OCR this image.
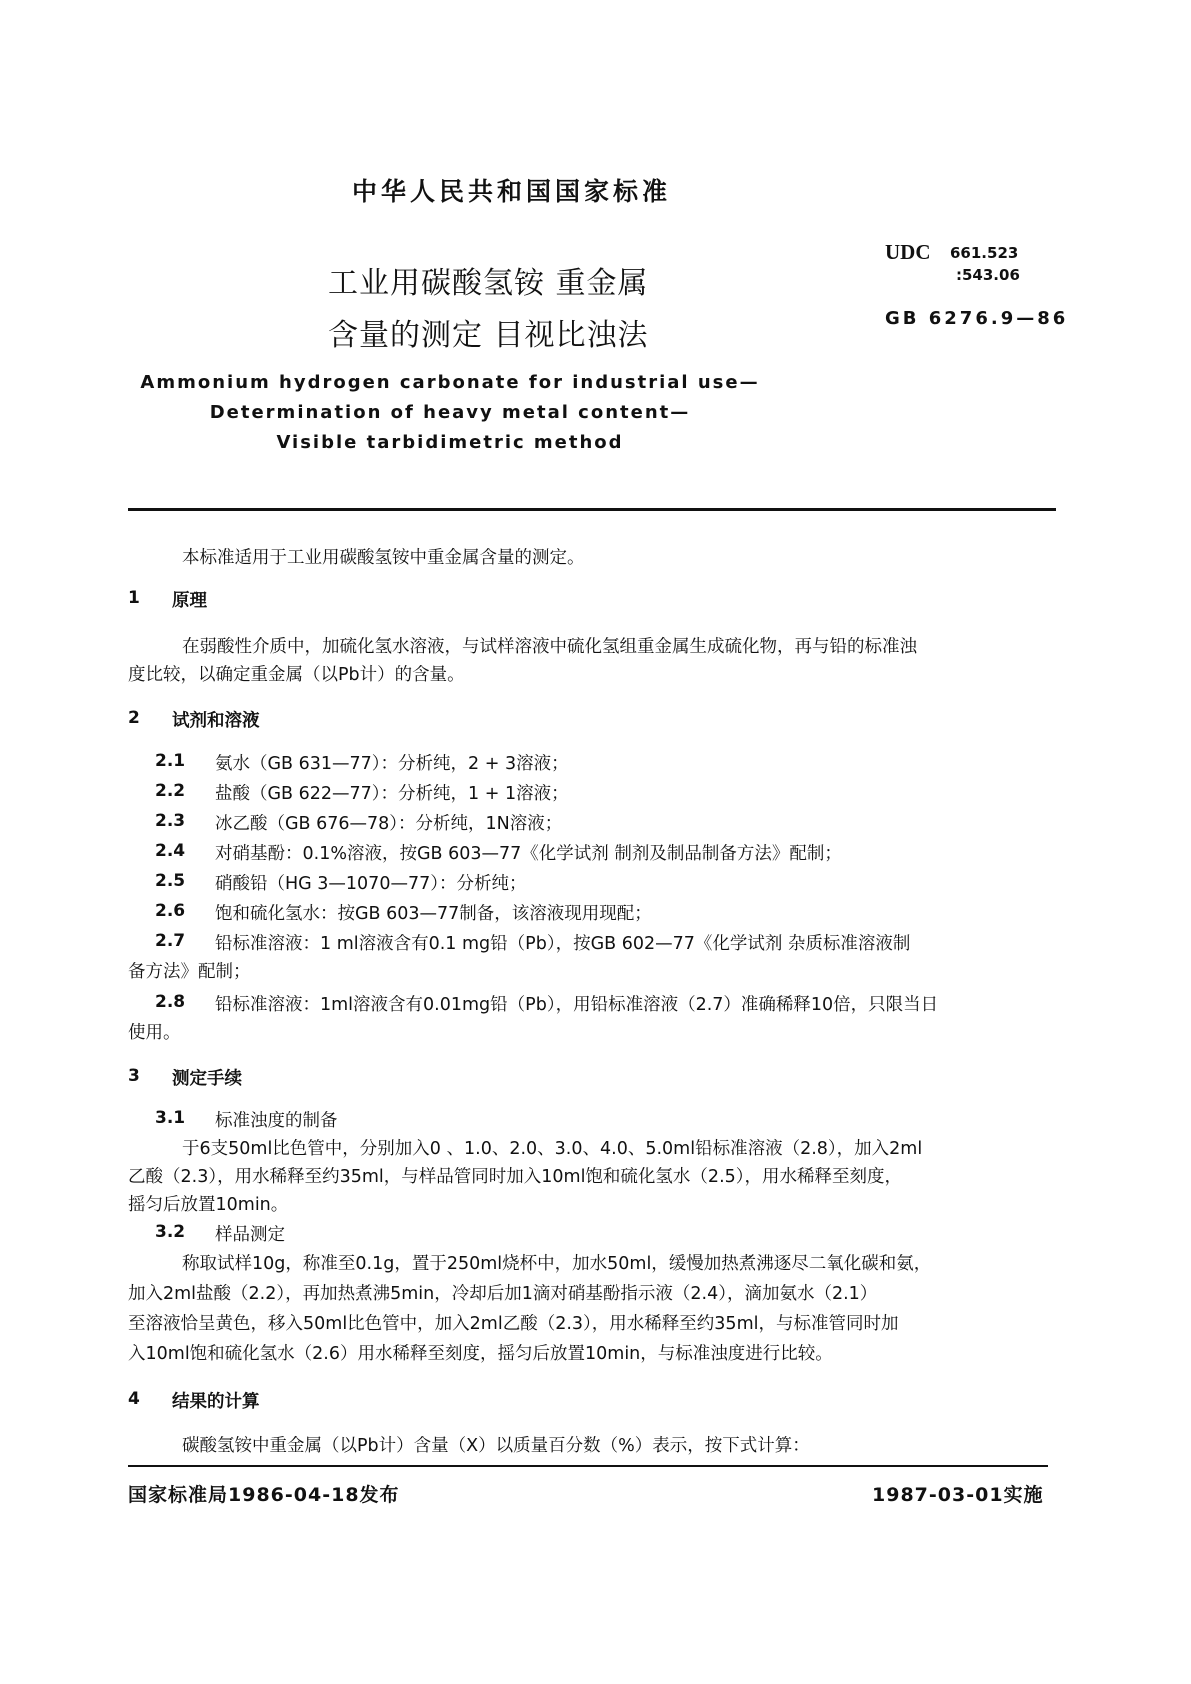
中华人民共和国国家标准
工业用碳酸氢铵 重金属
含量的测定 目视比浊法
UDC 661.523
:543.06
GB 6276.9—86
Ammonium hydrogen carbonate for industrial use—
Determination of heavy metal content—
Visible tarbidimetric method
本标准适用于工业用碳酸氢铵中重金属含量的测定。
1 原理
在弱酸性介质中，加硫化氢水溶液，与试样溶液中硫化氢组重金属生成硫化物，再与铅的标准浊
度比较，以确定重金属（以Pb计）的含量。
2 试剂和溶液
2.1 氨水（GB 631—77）：分析纯，2 + 3溶液；
2.2 盐酸（GB 622—77）：分析纯，1 + 1溶液；
2.3 冰乙酸（GB 676—78）：分析纯，1N溶液；
2.4 对硝基酚：0.1%溶液，按GB 603—77《化学试剂 制剂及制品制备方法》配制；
2.5 硝酸铅（HG 3—1070—77）：分析纯；
2.6 饱和硫化氢水：按GB 603—77制备，该溶液现用现配；
2.7 铅标准溶液：1 ml溶液含有0.1 mg铅（Pb），按GB 602—77《化学试剂 杂质标准溶液制
备方法》配制；
2.8 铅标准溶液：1ml溶液含有0.01mg铅（Pb），用铅标准溶液（2.7）准确稀释10倍，只限当日
使用。
3 测定手续
3.1 标准浊度的制备
于6支50ml比色管中，分别加入0 、1.0、2.0、3.0、4.0、5.0ml铅标准溶液（2.8），加入2ml
乙酸（2.3），用水稀释至约35ml，与样品管同时加入10ml饱和硫化氢水（2.5），用水稀释至刻度，
摇匀后放置10min。
3.2 样品测定
称取试样10g，称准至0.1g，置于250ml烧杯中，加水50ml，缓慢加热煮沸逐尽二氧化碳和氨，
加入2ml盐酸（2.2），再加热煮沸5min，冷却后加1滴对硝基酚指示液（2.4），滴加氨水（2.1）
至溶液恰呈黄色，移入50ml比色管中，加入2ml乙酸（2.3），用水稀释至约35ml，与标准管同时加
入10ml饱和硫化氢水（2.6）用水稀释至刻度，摇匀后放置10min，与标准浊度进行比较。
4 结果的计算
碳酸氢铵中重金属（以Pb计）含量（X）以质量百分数（%）表示，按下式计算：
国家标准局1986-04-18发布	1987-03-01实施
